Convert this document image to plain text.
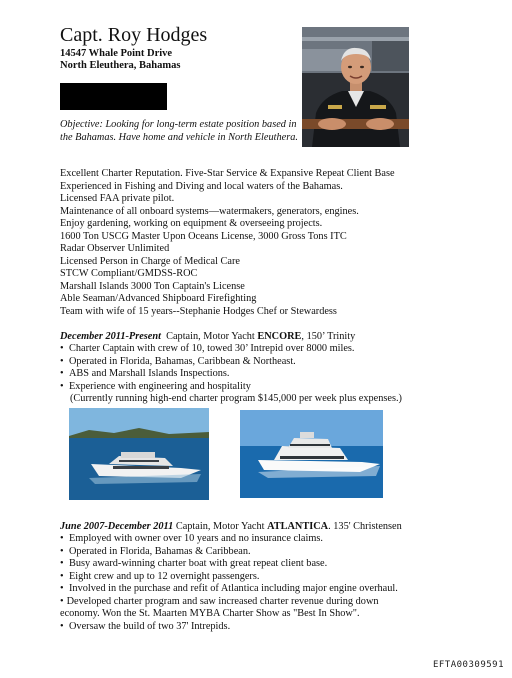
Capt. Roy Hodges
14547 Whale Point Drive
North Eleuthera, Bahamas
Objective: Looking for long-term estate position based in the Bahamas. Have home and vehicle in North Eleuthera.
Excellent Charter Reputation. Five-Star Service & Expansive Repeat Client Base
Experienced in Fishing and Diving and local waters of the Bahamas.
Licensed FAA private pilot.
Maintenance of all onboard systems—watermakers, generators, engines.
Enjoy gardening, working on equipment & overseeing projects.
1600 Ton USCG Master Upon Oceans License, 3000 Gross Tons ITC
Radar Observer Unlimited
Licensed Person in Charge of Medical Care
STCW Compliant/GMDSS-ROC
Marshall Islands 3000 Ton Captain's License
Able Seaman/Advanced Shipboard Firefighting
Team with wife of 15 years--Stephanie Hodges Chef or Stewardess
December 2011-Present Captain, Motor Yacht ENCORE, 150’ Trinity
• Charter Captain with crew of 10, towed 30’ Intrepid over 8000 miles.
• Operated in Florida, Bahamas, Caribbean & Northeast.
• ABS and Marshall Islands Inspections.
• Experience with engineering and hospitality
(Currently running high-end charter program $145,000 per week plus expenses.)
June 2007-December 2011 Captain, Motor Yacht ATLANTICA. 135' Christensen
• Employed with owner over 10 years and no insurance claims.
• Operated in Florida, Bahamas & Caribbean.
• Busy award-winning charter boat with great repeat client base.
• Eight crew and up to 12 overnight passengers.
• Involved in the purchase and refit of Atlantica including major engine overhaul.
• Developed charter program and saw increased charter revenue during down economy. Won the St. Maarten MYBA Charter Show as "Best In Show".
• Oversaw the build of two 37' Intrepids.
EFTA00309591
